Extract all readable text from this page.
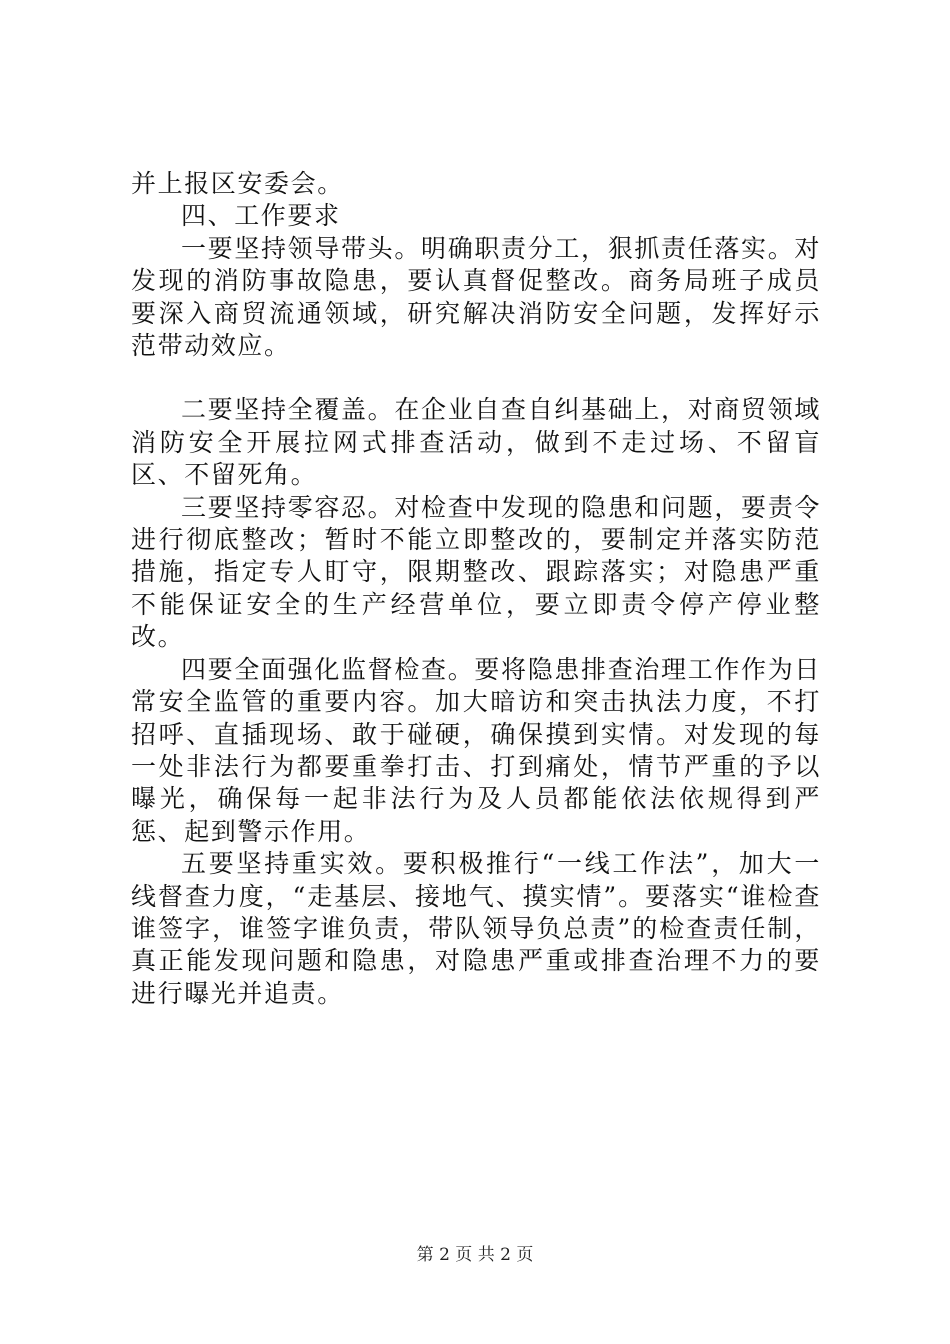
并上报区安委会。

四、工作要求

一要坚持领导带头。明确职责分工，狠抓责任落实。对发现的消防事故隐患，要认真督促整改。商务局班子成员要深入商贸流通领域，研究解决消防安全问题，发挥好示范带动效应。

二要坚持全覆盖。在企业自查自纠基础上，对商贸领域消防安全开展拉网式排查活动，做到不走过场、不留盲区、不留死角。

三要坚持零容忍。对检查中发现的隐患和问题，要责令进行彻底整改；暂时不能立即整改的，要制定并落实防范措施，指定专人盯守，限期整改、跟踪落实；对隐患严重不能保证安全的生产经营单位，要立即责令停产停业整改。

四要全面强化监督检查。要将隐患排查治理工作作为日常安全监管的重要内容。加大暗访和突击执法力度，不打招呼、直插现场、敢于碰硬，确保摸到实情。对发现的每一处非法行为都要重拳打击、打到痛处，情节严重的予以曝光，确保每一起非法行为及人员都能依法依规得到严惩、起到警示作用。

五要坚持重实效。要积极推行“一线工作法”，加大一线督查力度，“走基层、接地气、摸实情”。要落实“谁检查谁签字，谁签字谁负责，带队领导负总责”的检查责任制，真正能发现问题和隐患，对隐患严重或排查治理不力的要进行曝光并追责。

第 2 页 共 2 页
